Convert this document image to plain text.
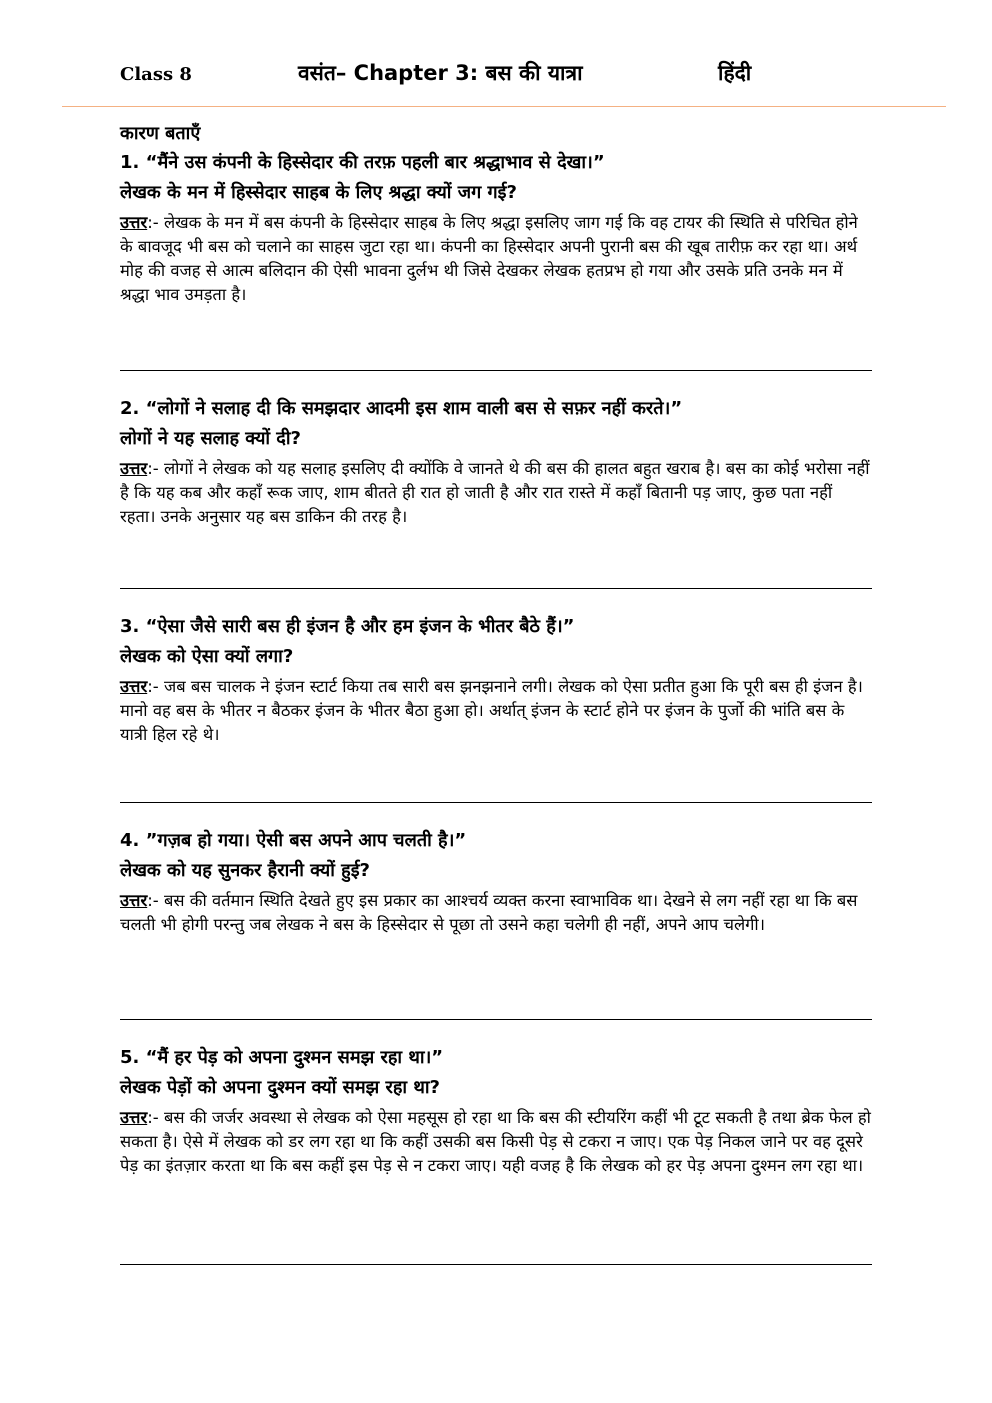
Class 8	वसंत– Chapter 3: बस की यात्रा	हिंदी
कारण बताएँ
1. “मैंने उस कंपनी के हिस्सेदार की तरफ़ पहली बार श्रद्धाभाव से देखा।”
लेखक के मन में हिस्सेदार साहब के लिए श्रद्धा क्यों जग गई?
उत्तर:- लेखक के मन में बस कंपनी के हिस्सेदार साहब के लिए श्रद्धा इसलिए जाग गई कि वह टायर की स्थिति से परिचित होने के बावजूद भी बस को चलाने का साहस जुटा रहा था। कंपनी का हिस्सेदार अपनी पुरानी बस की खूब तारीफ़ कर रहा था। अर्थ मोह की वजह से आत्म बलिदान की ऐसी भावना दुर्लभ थी जिसे देखकर लेखक हतप्रभ हो गया और उसके प्रति उनके मन में श्रद्धा भाव उमड़ता है।
2. “लोगों ने सलाह दी कि समझदार आदमी इस शाम वाली बस से सफ़र नहीं करते।”
लोगों ने यह सलाह क्यों दी?
उत्तर:- लोगों ने लेखक को यह सलाह इसलिए दी क्योंकि वे जानते थे की बस की हालत बहुत खराब है। बस का कोई भरोसा नहीं है कि यह कब और कहाँ रूक जाए, शाम बीतते ही रात हो जाती है और रात रास्ते में कहाँ बितानी पड़ जाए, कुछ पता नहीं रहता। उनके अनुसार यह बस डाकिन की तरह है।
3. “ऐसा जैसे सारी बस ही इंजन है और हम इंजन के भीतर बैठे हैं।”
लेखक को ऐसा क्यों लगा?
उत्तर:- जब बस चालक ने इंजन स्टार्ट किया तब सारी बस झनझनाने लगी। लेखक को ऐसा प्रतीत हुआ कि पूरी बस ही इंजन है। मानो वह बस के भीतर न बैठकर इंजन के भीतर बैठा हुआ हो। अर्थात् इंजन के स्टार्ट होने पर इंजन के पुर्जो की भांति बस के यात्री हिल रहे थे।
4. ”गज़ब हो गया। ऐसी बस अपने आप चलती है।”
लेखक को यह सुनकर हैरानी क्यों हुई?
उत्तर:- बस की वर्तमान स्थिति देखते हुए इस प्रकार का आश्चर्य व्यक्त करना स्वाभाविक था। देखने से लग नहीं रहा था कि बस चलती भी होगी परन्तु जब लेखक ने बस के हिस्सेदार से पूछा तो उसने कहा चलेगी ही नहीं, अपने आप चलेगी।
5. “मैं हर पेड़ को अपना दुश्मन समझ रहा था।”
लेखक पेड़ों को अपना दुश्मन क्यों समझ रहा था?
उत्तर:- बस की जर्जर अवस्था से लेखक को ऐसा महसूस हो रहा था कि बस की स्टीयरिंग कहीं भी टूट सकती है तथा ब्रेक फेल हो सकता है। ऐसे में लेखक को डर लग रहा था कि कहीं उसकी बस किसी पेड़ से टकरा न जाए। एक पेड़ निकल जाने पर वह दूसरे पेड़ का इंतज़ार करता था कि बस कहीं इस पेड़ से न टकरा जाए। यही वजह है कि लेखक को हर पेड़ अपना दुश्मन लग रहा था।
